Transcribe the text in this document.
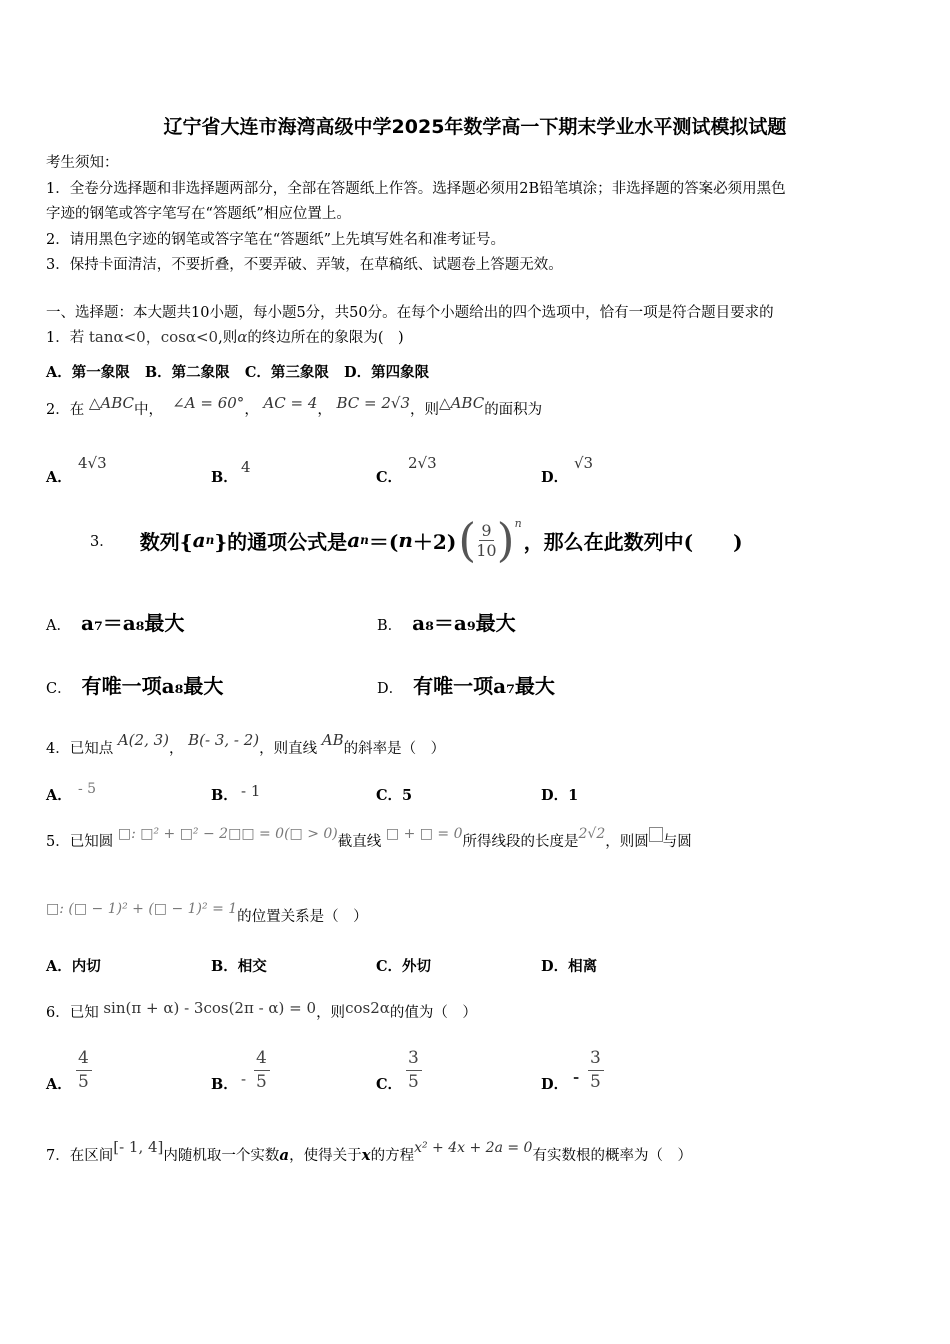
辽宁省大连市海湾高级中学2025年数学高一下期末学业水平测试模拟试题

考生须知：

1．全卷分选择题和非选择题两部分，全部在答题纸上作答。选择题必须用2B铅笔填涂；非选择题的答案必须用黑色

字迹的钢笔或答字笔写在“答题纸”相应位置上。

2．请用黑色字迹的钢笔或答字笔在“答题纸”上先填写姓名和准考证号。

3．保持卡面清洁，不要折叠，不要弄破、弄皱，在草稿纸、试题卷上答题无效。

一、选择题：本大题共10小题，每小题5分，共50分。在每个小题给出的四个选项中，恰有一项是符合题目要求的
1．若 tanα<0，cosα<0,则α的终边所在的象限为(　)
A．第一象限 B．第二象限 C．第三象限 D．第四象限
2．在 △ABC中， ∠A = 60°， AC = 4， BC = 2√3，则△ABC的面积为
A．
4√3
B．
4
C．
2√3
D．
√3
3． 数列{ a n }的通项公式是 a n ＝( n ＋2) ( $\frac{9}{10}$ ) n
，那么在此数列中(　　)
A． a₇＝a₈最大	B． a₈＝a₉最大
C． 有唯一项a₈最大	D． 有唯一项a₇最大
4．已知点 A(2, 3)， B(- 3, - 2)，则直线 AB的斜率是（　）
A． - 5	B． - 1	C．5	D．1
5．已知圆 □: □² + □² − 2□□ = 0(□ > 0)截直线 □ + □ = 0所得线段的长度是2√2，则圆 与圆
□: (□ − 1)² + (□ − 1)² = 1的位置关系是（　）
A．内切	B．相交	C．外切	D．相离
6．已知 sin(π + α) - 3cos(2π - α) = 0，则cos2α的值为（　）
A．
4
5	B． -
4
5	C．
3
5	D． -
3
5
7．在区间[- 1, 4]内随机取一个实数a，使得关于x的方程x² + 4x + 2a = 0有实数根的概率为（　）
